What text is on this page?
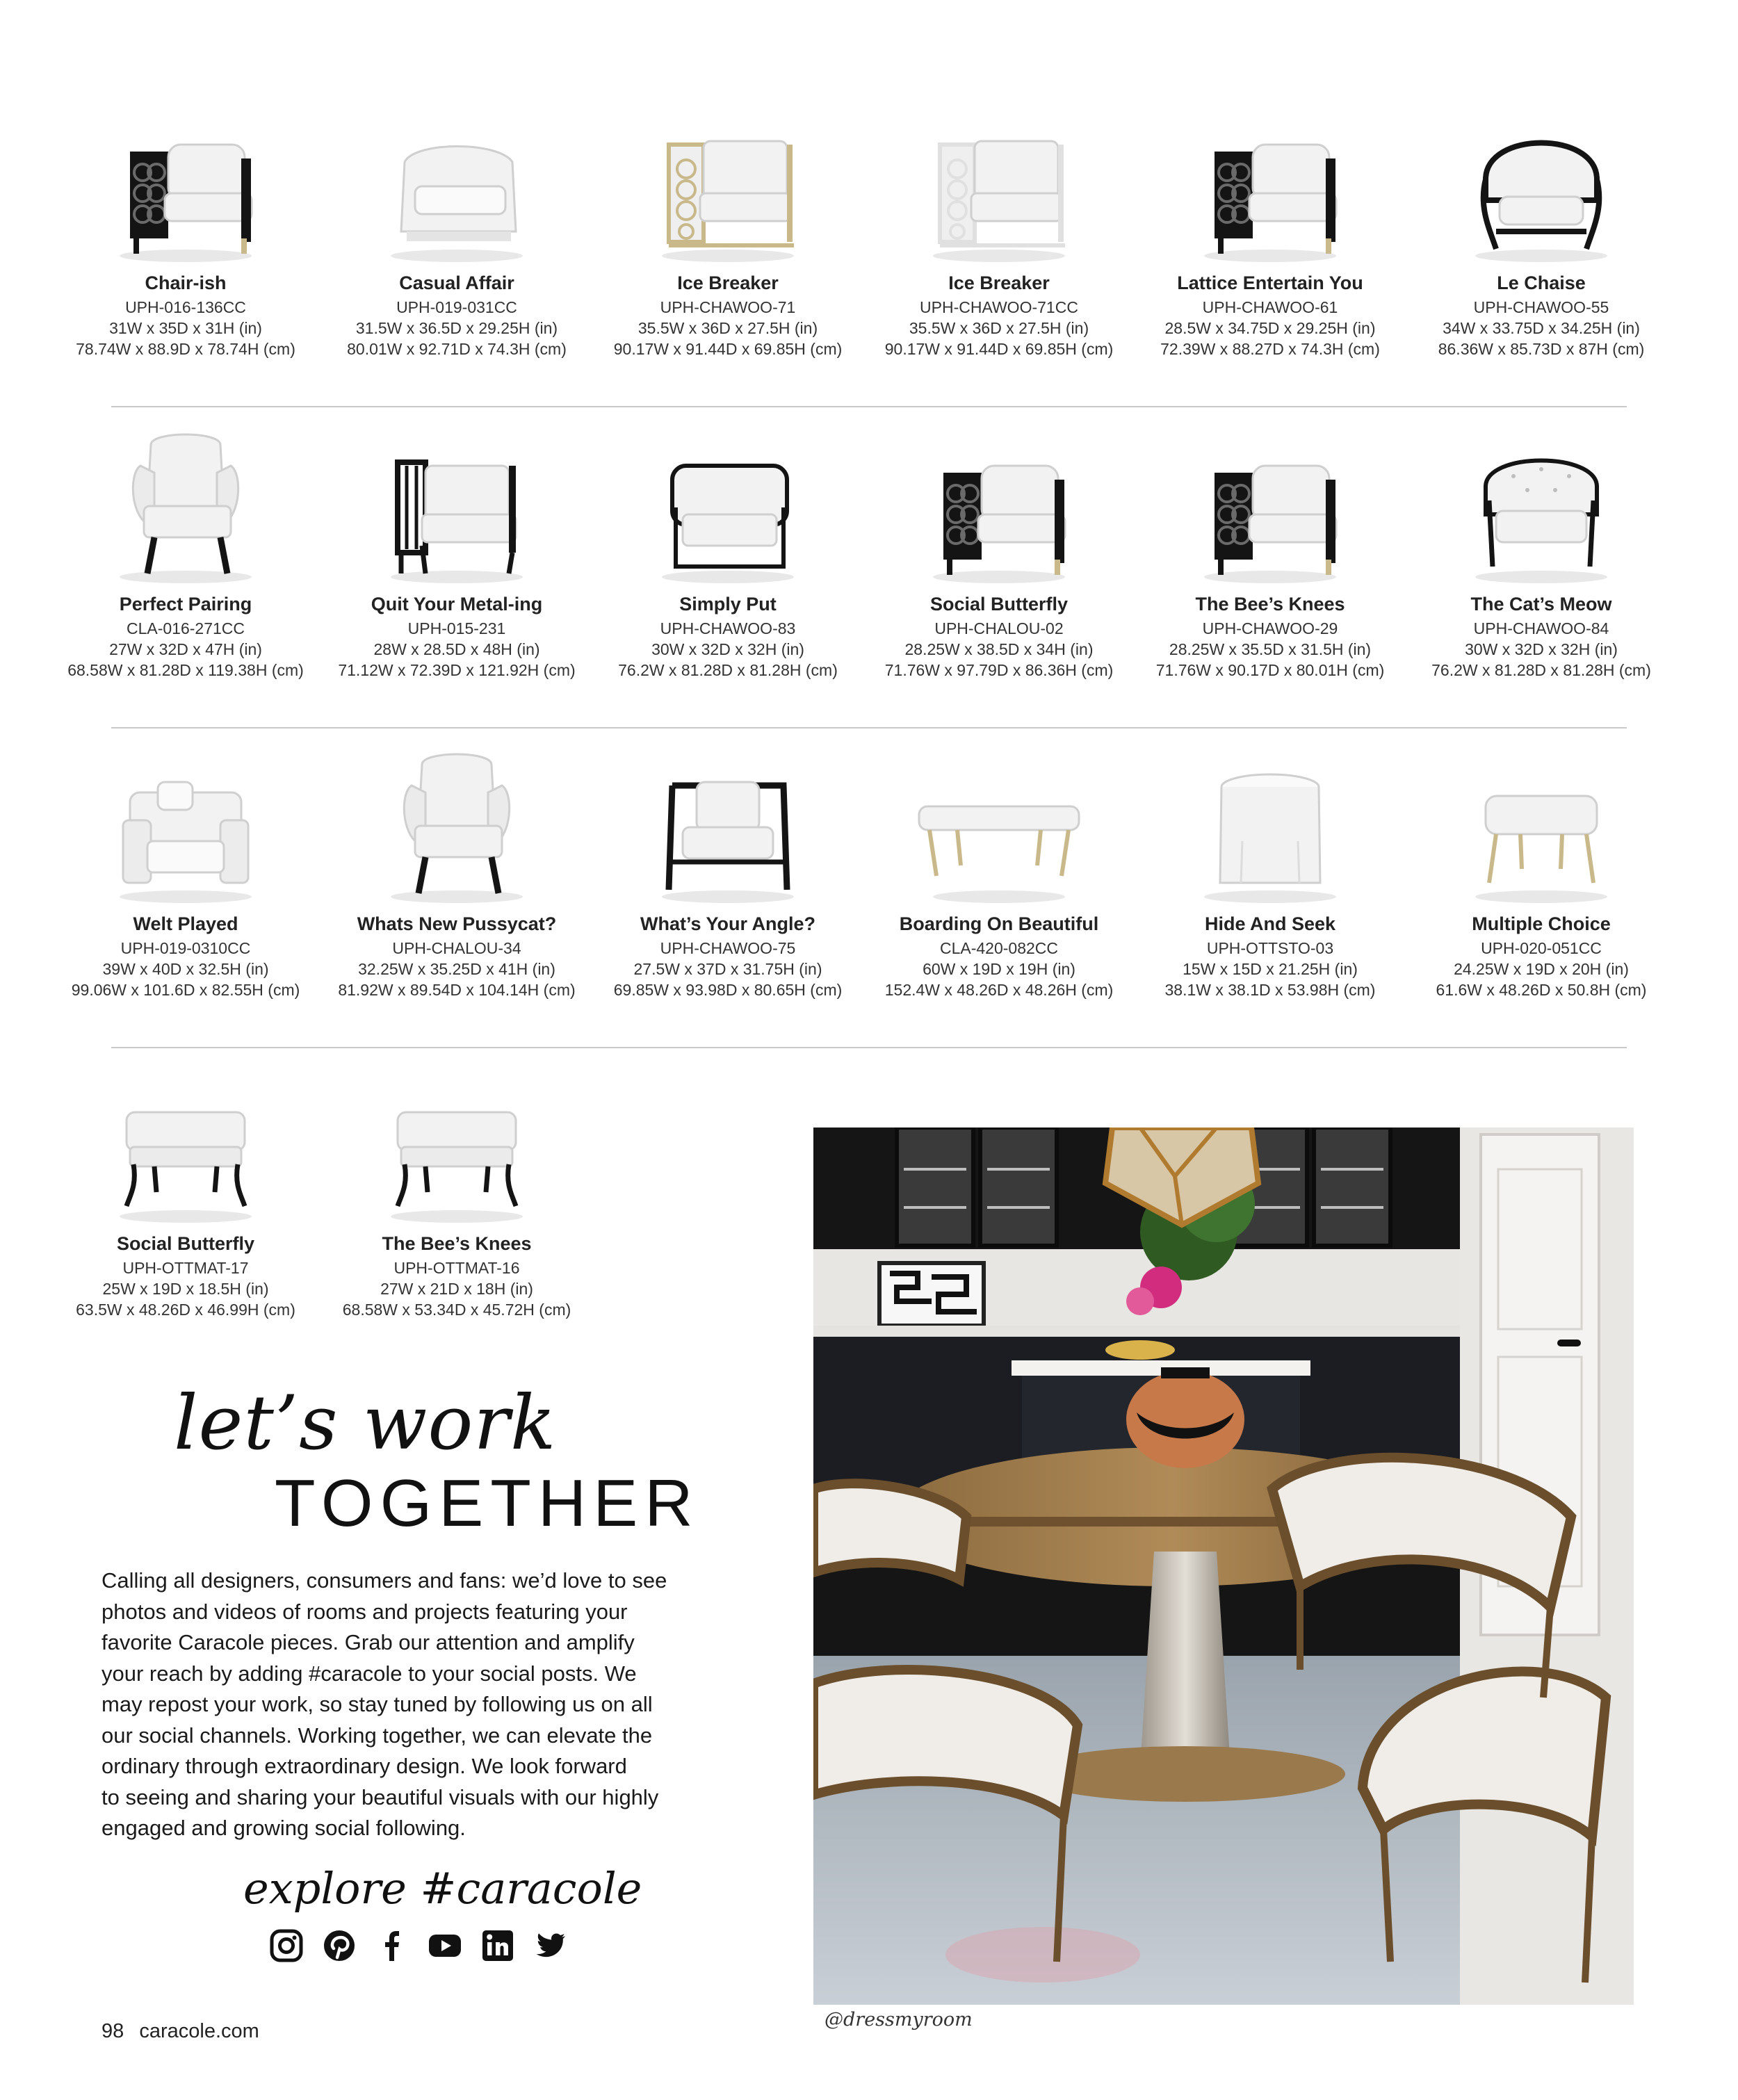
Chair-ish
UPH-016-136CC
31W x 35D x 31H (in)
78.74W x 88.9D x 78.74H (cm)
Casual Affair
UPH-019-031CC
31.5W x 36.5D x 29.25H (in)
80.01W x 92.71D x 74.3H (cm)
Ice Breaker
UPH-CHAWOO-71
35.5W x 36D x 27.5H (in)
90.17W x 91.44D x 69.85H (cm)
Ice Breaker
UPH-CHAWOO-71CC
35.5W x 36D x 27.5H (in)
90.17W x 91.44D x 69.85H (cm)
Lattice Entertain You
UPH-CHAWOO-61
28.5W x 34.75D x 29.25H (in)
72.39W x 88.27D x 74.3H (cm)
Le Chaise
UPH-CHAWOO-55
34W x 33.75D x 34.25H (in)
86.36W x 85.73D x 87H (cm)
Perfect Pairing
CLA-016-271CC
27W x 32D x 47H (in)
68.58W x 81.28D x 119.38H (cm)
Quit Your Metal-ing
UPH-015-231
28W x 28.5D x 48H (in)
71.12W x 72.39D x 121.92H (cm)
Simply Put
UPH-CHAWOO-83
30W x 32D x 32H (in)
76.2W x 81.28D x 81.28H (cm)
Social Butterfly
UPH-CHALOU-02
28.25W x 38.5D x 34H (in)
71.76W x 97.79D x 86.36H (cm)
The Bee’s Knees
UPH-CHAWOO-29
28.25W x 35.5D x 31.5H (in)
71.76W x 90.17D x 80.01H (cm)
The Cat’s Meow
UPH-CHAWOO-84
30W x 32D x 32H (in)
76.2W x 81.28D x 81.28H (cm)
Welt Played
UPH-019-0310CC
39W x 40D x 32.5H (in)
99.06W x 101.6D x 82.55H (cm)
Whats New Pussycat?
UPH-CHALOU-34
32.25W x 35.25D x 41H (in)
81.92W x 89.54D x 104.14H (cm)
What’s Your Angle?
UPH-CHAWOO-75
27.5W x 37D x 31.75H (in)
69.85W x 93.98D x 80.65H (cm)
Boarding On Beautiful
CLA-420-082CC
60W x 19D x 19H (in)
152.4W x 48.26D x 48.26H (cm)
Hide And Seek
UPH-OTTSTO-03
15W x 15D x 21.25H (in)
38.1W x 38.1D x 53.98H (cm)
Multiple Choice
UPH-020-051CC
24.25W x 19D x 20H (in)
61.6W x 48.26D x 50.8H (cm)
Social Butterfly
UPH-OTTMAT-17
25W x 19D x 18.5H (in)
63.5W x 48.26D x 46.99H (cm)
The Bee’s Knees
UPH-OTTMAT-16
27W x 21D x 18H (in)
68.58W x 53.34D x 45.72H (cm)
let’s work
TOGETHER
Calling all designers, consumers and fans: we’d love to see
photos and videos of rooms and projects featuring your
favorite Caracole pieces. Grab our attention and amplify
your reach by adding #caracole to your social posts. We
may repost your work, so stay tuned by following us on all
our social channels. Working together, we can elevate the
ordinary through extraordinary design. We look forward
to seeing and sharing your beautiful visuals with our highly
engaged and growing social following.
explore #caracole
@dressmyroom
98 caracole.com
